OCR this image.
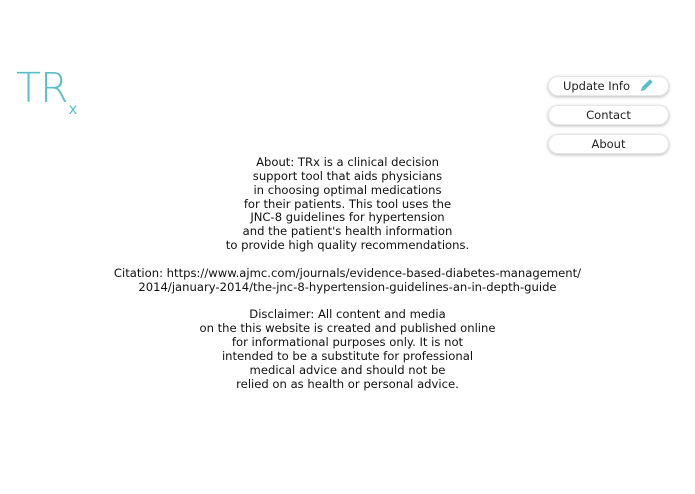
TRx
Update Info
Contact
About

About: TRx is a clinical decision
support tool that aids physicians
in choosing optimal medications
for their patients. This tool uses the
JNC-8 guidelines for hypertension
and the patient's health information
to provide high quality recommendations.

Citation: https://www.ajmc.com/journals/evidence-based-diabetes-management/
2014/january-2014/the-jnc-8-hypertension-guidelines-an-in-depth-guide

Disclaimer: All content and media
on the this website is created and published online
for informational purposes only. It is not
intended to be a substitute for professional
medical advice and should not be
relied on as health or personal advice.
